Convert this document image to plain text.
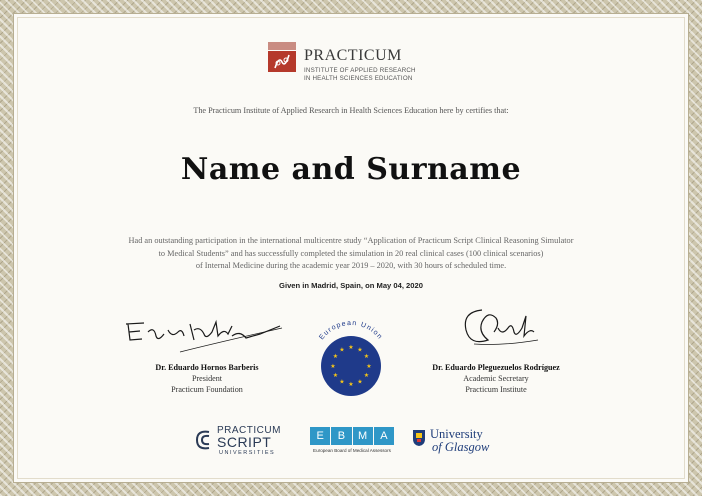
PRACTICUM
INSTITUTE OF APPLIED RESEARCH
IN HEALTH SCIENCES EDUCATION
The Practicum Institute of Applied Research in Health Sciences Education here by certifies that:
Name and Surname
Had an outstanding participation in the international multicentre study “Application of Practicum Script Clinical Reasoning Simulator
to Medical Students” and has successfully completed the simulation in 20 real clinical cases (100 clinical scenarios)
of Internal Medicine during the academic year 2019 – 2020, with 30 hours of scheduled time.
Given in Madrid, Spain, on May 04, 2020
Dr. Eduardo Hornos Barberis
President
Practicum Foundation
European Union
★ ★
★
★
★
★
★
★
★
★
★
★
Dr. Eduardo Pleguezuelos Rodríguez
Academic Secretary
Practicum Institute
PRACTICUM
SCRIPT
UNIVERSITIES
E	B	M	A
European Board of Medical Assessors
University
of Glasgow
